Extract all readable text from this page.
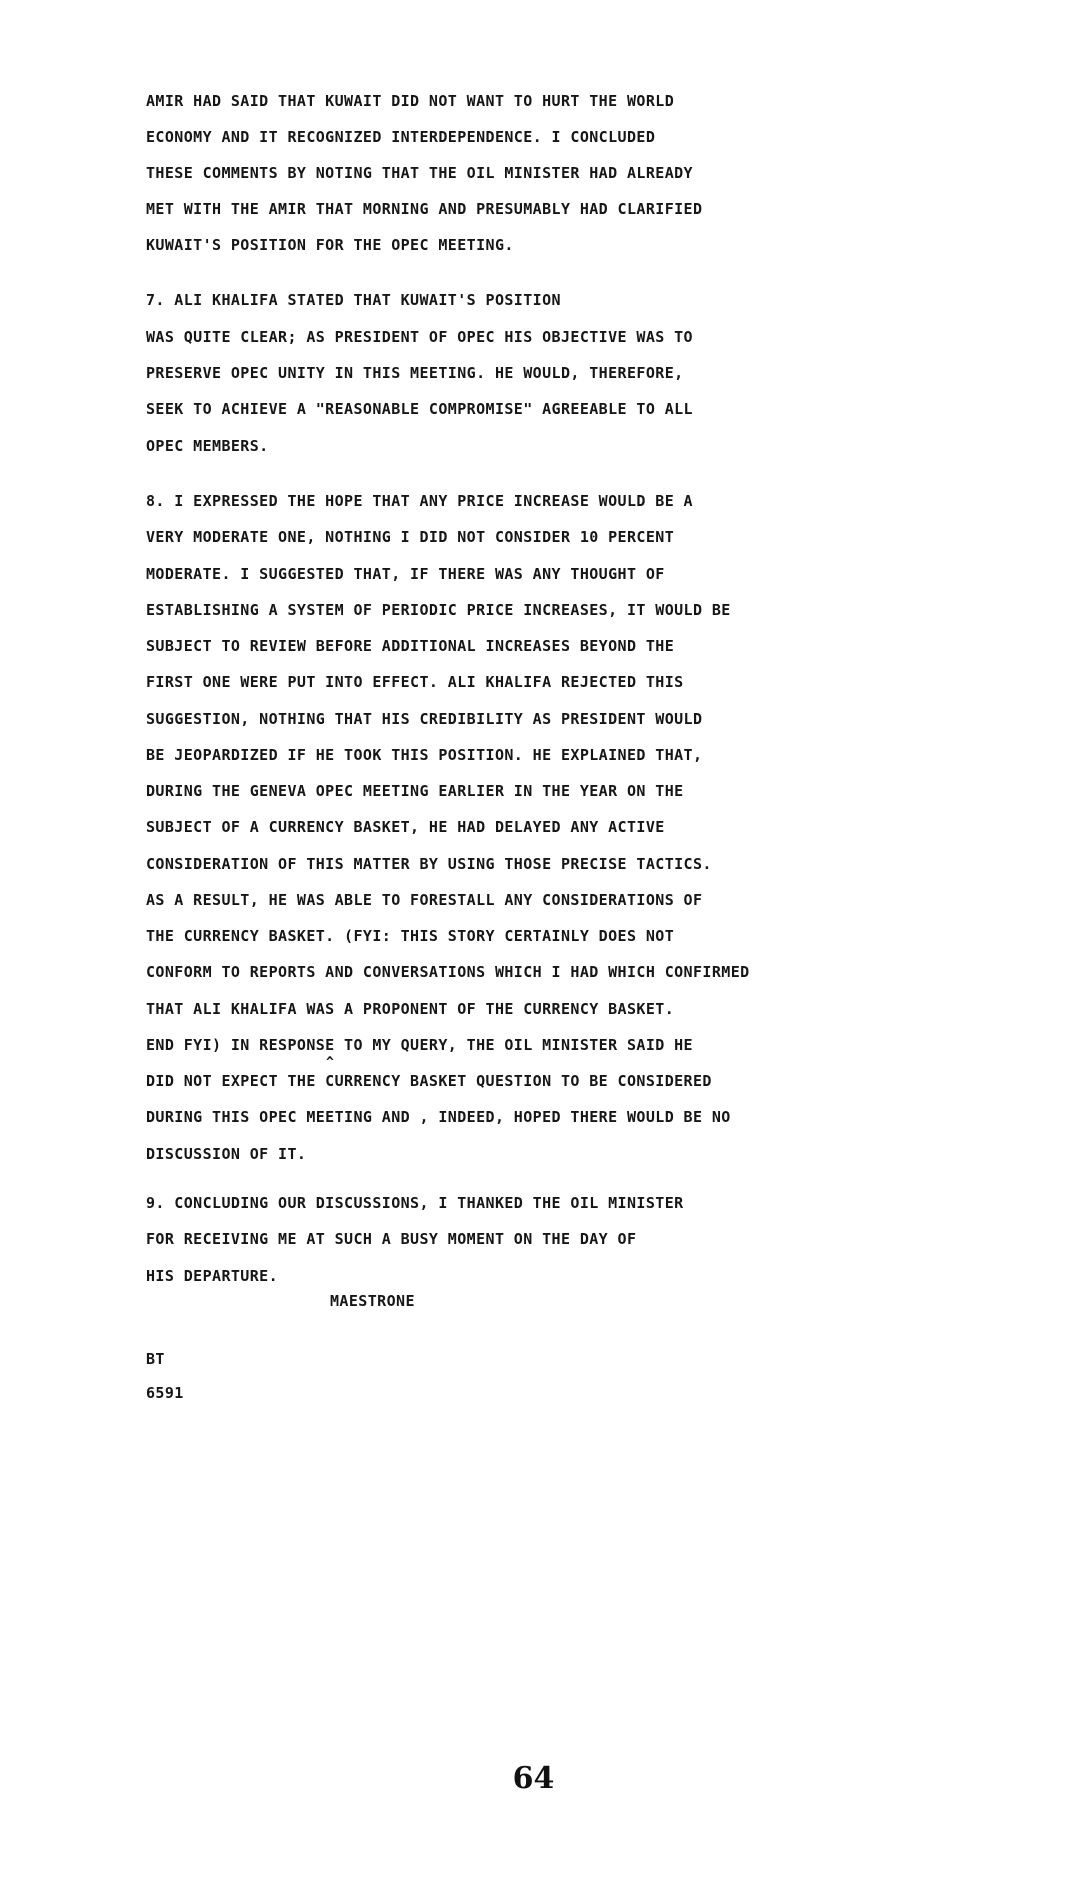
AMIR HAD SAID THAT KUWAIT DID NOT WANT TO HURT THE WORLD
ECONOMY AND IT RECOGNIZED INTERDEPENDENCE. I CONCLUDED
THESE COMMENTS BY NOTING THAT THE OIL MINISTER HAD ALREADY
MET WITH THE AMIR THAT MORNING AND PRESUMABLY HAD CLARIFIED
KUWAIT'S POSITION FOR THE OPEC MEETING.
7. ALI KHALIFA STATED THAT KUWAIT'S POSITION
WAS QUITE CLEAR; AS PRESIDENT OF OPEC HIS OBJECTIVE WAS TO
PRESERVE OPEC UNITY IN THIS MEETING. HE WOULD, THEREFORE,
SEEK TO ACHIEVE A "REASONABLE COMPROMISE" AGREEABLE TO ALL
OPEC MEMBERS.
8. I EXPRESSED THE HOPE THAT ANY PRICE INCREASE WOULD BE A
VERY MODERATE ONE, NOTHING I DID NOT CONSIDER 10 PERCENT
MODERATE. I SUGGESTED THAT, IF THERE WAS ANY THOUGHT OF
ESTABLISHING A SYSTEM OF PERIODIC PRICE INCREASES, IT WOULD BE
SUBJECT TO REVIEW BEFORE ADDITIONAL INCREASES BEYOND THE
FIRST ONE WERE PUT INTO EFFECT. ALI KHALIFA REJECTED THIS
SUGGESTION, NOTHING THAT HIS CREDIBILITY AS PRESIDENT WOULD
BE JEOPARDIZED IF HE TOOK THIS POSITION. HE EXPLAINED THAT,
DURING THE GENEVA OPEC MEETING EARLIER IN THE YEAR ON THE
SUBJECT OF A CURRENCY BASKET, HE HAD DELAYED ANY ACTIVE
CONSIDERATION OF THIS MATTER BY USING THOSE PRECISE TACTICS.
AS A RESULT, HE WAS ABLE TO FORESTALL ANY CONSIDERATIONS OF
THE CURRENCY BASKET. (FYI: THIS STORY CERTAINLY DOES NOT
CONFORM TO REPORTS AND CONVERSATIONS WHICH I HAD WHICH CONFIRMED
THAT ALI KHALIFA WAS A PROPONENT OF THE CURRENCY BASKET.
END FYI) IN RESPONSE TO MY QUERY, THE OIL MINISTER SAID HE
^
DID NOT EXPECT THE CURRENCY BASKET QUESTION TO BE CONSIDERED
DURING THIS OPEC MEETING AND , INDEED, HOPED THERE WOULD BE NO
DISCUSSION OF IT.
9. CONCLUDING OUR DISCUSSIONS, I THANKED THE OIL MINISTER
FOR RECEIVING ME AT SUCH A BUSY MOMENT ON THE DAY OF
HIS DEPARTURE.
MAESTRONE
BT
6591
64
